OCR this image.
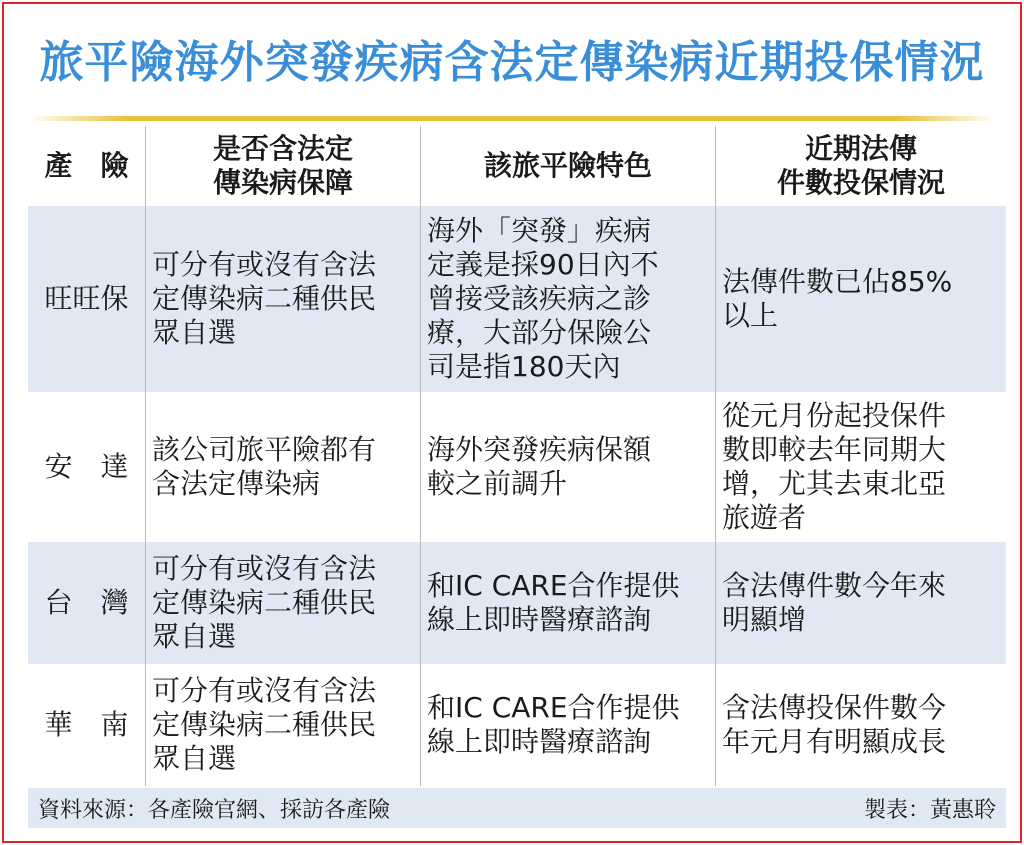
旅平險海外突發疾病含法定傳染病近期投保情況
產　險
是否含法定
傳染病保障
該旅平險特色
近期法傳
件數投保情況
旺旺保
可分有或沒有含法
定傳染病二種供民
眾自選
海外「突發」疾病
定義是採90日內不
曾接受該疾病之診
療，大部分保險公
司是指180天內
法傳件數已佔85%
以上
安　達
該公司旅平險都有
含法定傳染病
海外突發疾病保額
較之前調升
從元月份起投保件
數即較去年同期大
增，尤其去東北亞
旅遊者
台　灣
可分有或沒有含法
定傳染病二種供民
眾自選
和IC CARE合作提供
線上即時醫療諮詢
含法傳件數今年來
明顯增
華　南
可分有或沒有含法
定傳染病二種供民
眾自選
和IC CARE合作提供
線上即時醫療諮詢
含法傳投保件數今
年元月有明顯成長
資料來源：各產險官網、採訪各產險	製表：黃惠聆
